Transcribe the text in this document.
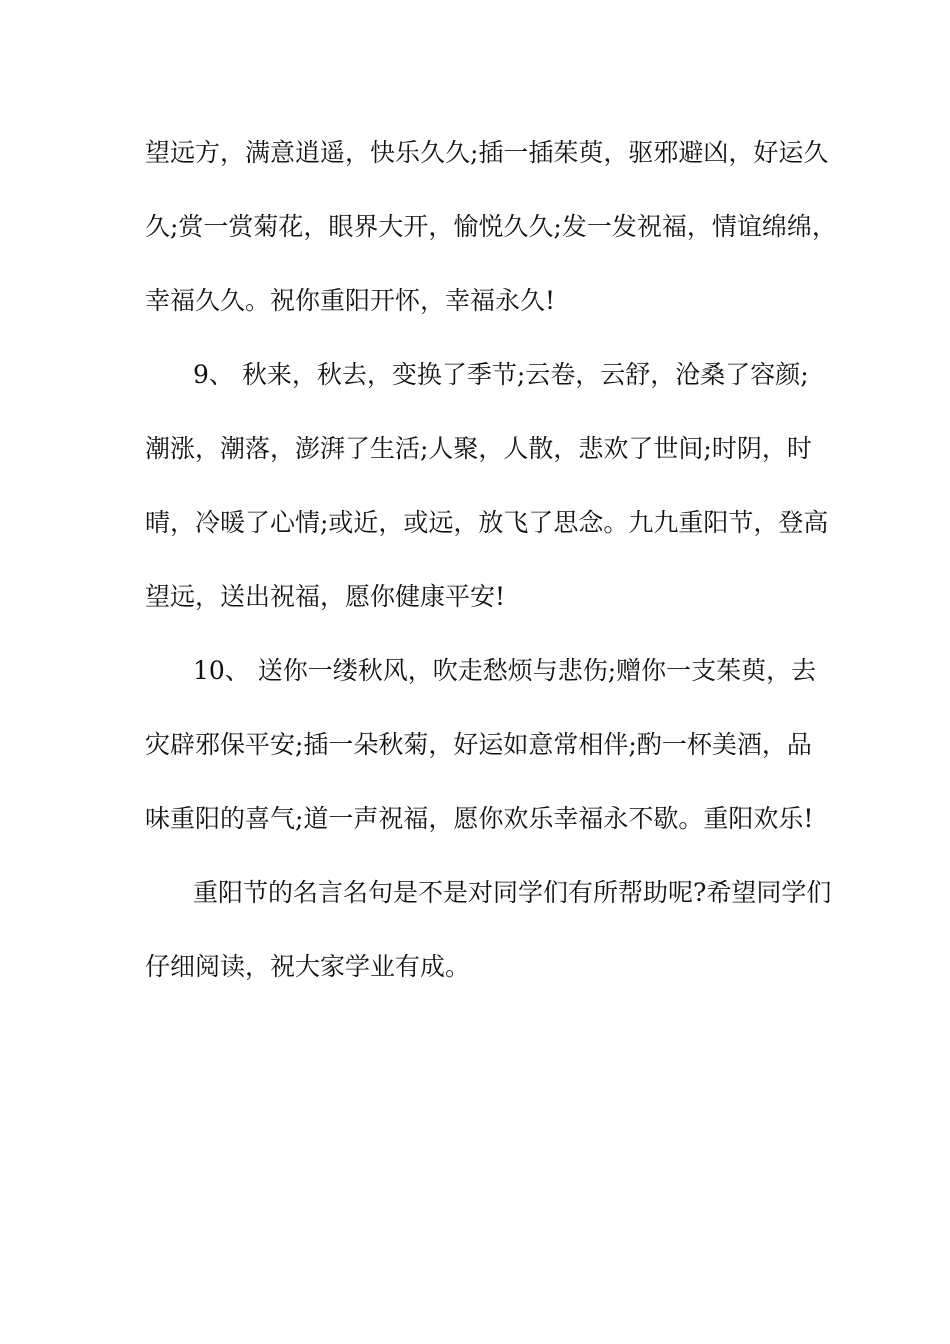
望远方，满意逍遥，快乐久久;插一插茱萸，驱邪避凶，好运久
久;赏一赏菊花，眼界大开，愉悦久久;发一发祝福，情谊绵绵，
幸福久久。祝你重阳开怀，幸福永久!
9、 秋来，秋去，变换了季节;云卷，云舒，沧桑了容颜;
潮涨，潮落，澎湃了生活;人聚，人散，悲欢了世间;时阴，时
晴，冷暖了心情;或近，或远，放飞了思念。九九重阳节，登高
望远，送出祝福，愿你健康平安!
10、 送你一缕秋风，吹走愁烦与悲伤;赠你一支茱萸，去
灾辟邪保平安;插一朵秋菊，好运如意常相伴;酌一杯美酒，品
味重阳的喜气;道一声祝福，愿你欢乐幸福永不歇。重阳欢乐!
重阳节的名言名句是不是对同学们有所帮助呢?希望同学们
仔细阅读，祝大家学业有成。
